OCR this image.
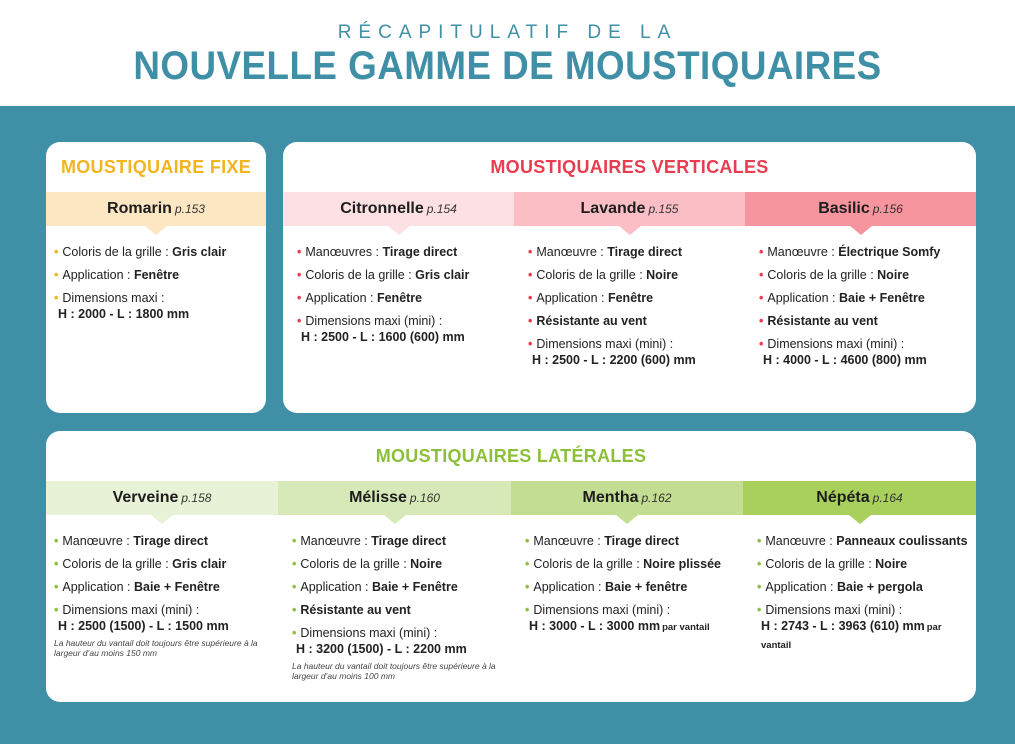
RÉCAPITULATIF DE LA
NOUVELLE GAMME DE MOUSTIQUAIRES
MOUSTIQUAIRE FIXE
Romarin p.153
• Coloris de la grille : Gris clair
• Application : Fenêtre
• Dimensions maxi :
H : 2000 - L : 1800 mm
MOUSTIQUAIRES VERTICALES
Citronnelle p.154
• Manœuvres : Tirage direct
• Coloris de la grille : Gris clair
• Application : Fenêtre
• Dimensions maxi (mini) :
H : 2500 - L : 1600 (600) mm
Lavande p.155
• Manœuvre : Tirage direct
• Coloris de la grille : Noire
• Application : Fenêtre
• Résistante au vent
• Dimensions maxi (mini) :
H : 2500 - L : 2200 (600) mm
Basilic p.156
• Manœuvre : Électrique Somfy
• Coloris de la grille : Noire
• Application : Baie + Fenêtre
• Résistante au vent
• Dimensions maxi (mini) :
H : 4000 - L : 4600 (800) mm
MOUSTIQUAIRES LATÉRALES
Verveine p.158
• Manœuvre : Tirage direct
• Coloris de la grille : Gris clair
• Application : Baie + Fenêtre
• Dimensions maxi (mini) :
H : 2500 (1500) - L : 1500 mm
La hauteur du vantail doit toujours être supérieure à la largeur d’au moins 150 mm
Mélisse p.160
• Manœuvre : Tirage direct
• Coloris de la grille : Noire
• Application : Baie + Fenêtre
• Résistante au vent
• Dimensions maxi (mini) :
H : 3200 (1500) - L : 2200 mm
La hauteur du vantail doit toujours être supérieure à la largeur d’au moins 100 mm
Mentha p.162
• Manœuvre : Tirage direct
• Coloris de la grille : Noire plissée
• Application : Baie + fenêtre
• Dimensions maxi (mini) :
H : 3000 - L : 3000 mm par vantail
Népéta p.164
• Manœuvre : Panneaux coulissants
• Coloris de la grille : Noire
• Application : Baie + pergola
• Dimensions maxi (mini) :
H : 2743 - L : 3963 (610) mm par vantail
